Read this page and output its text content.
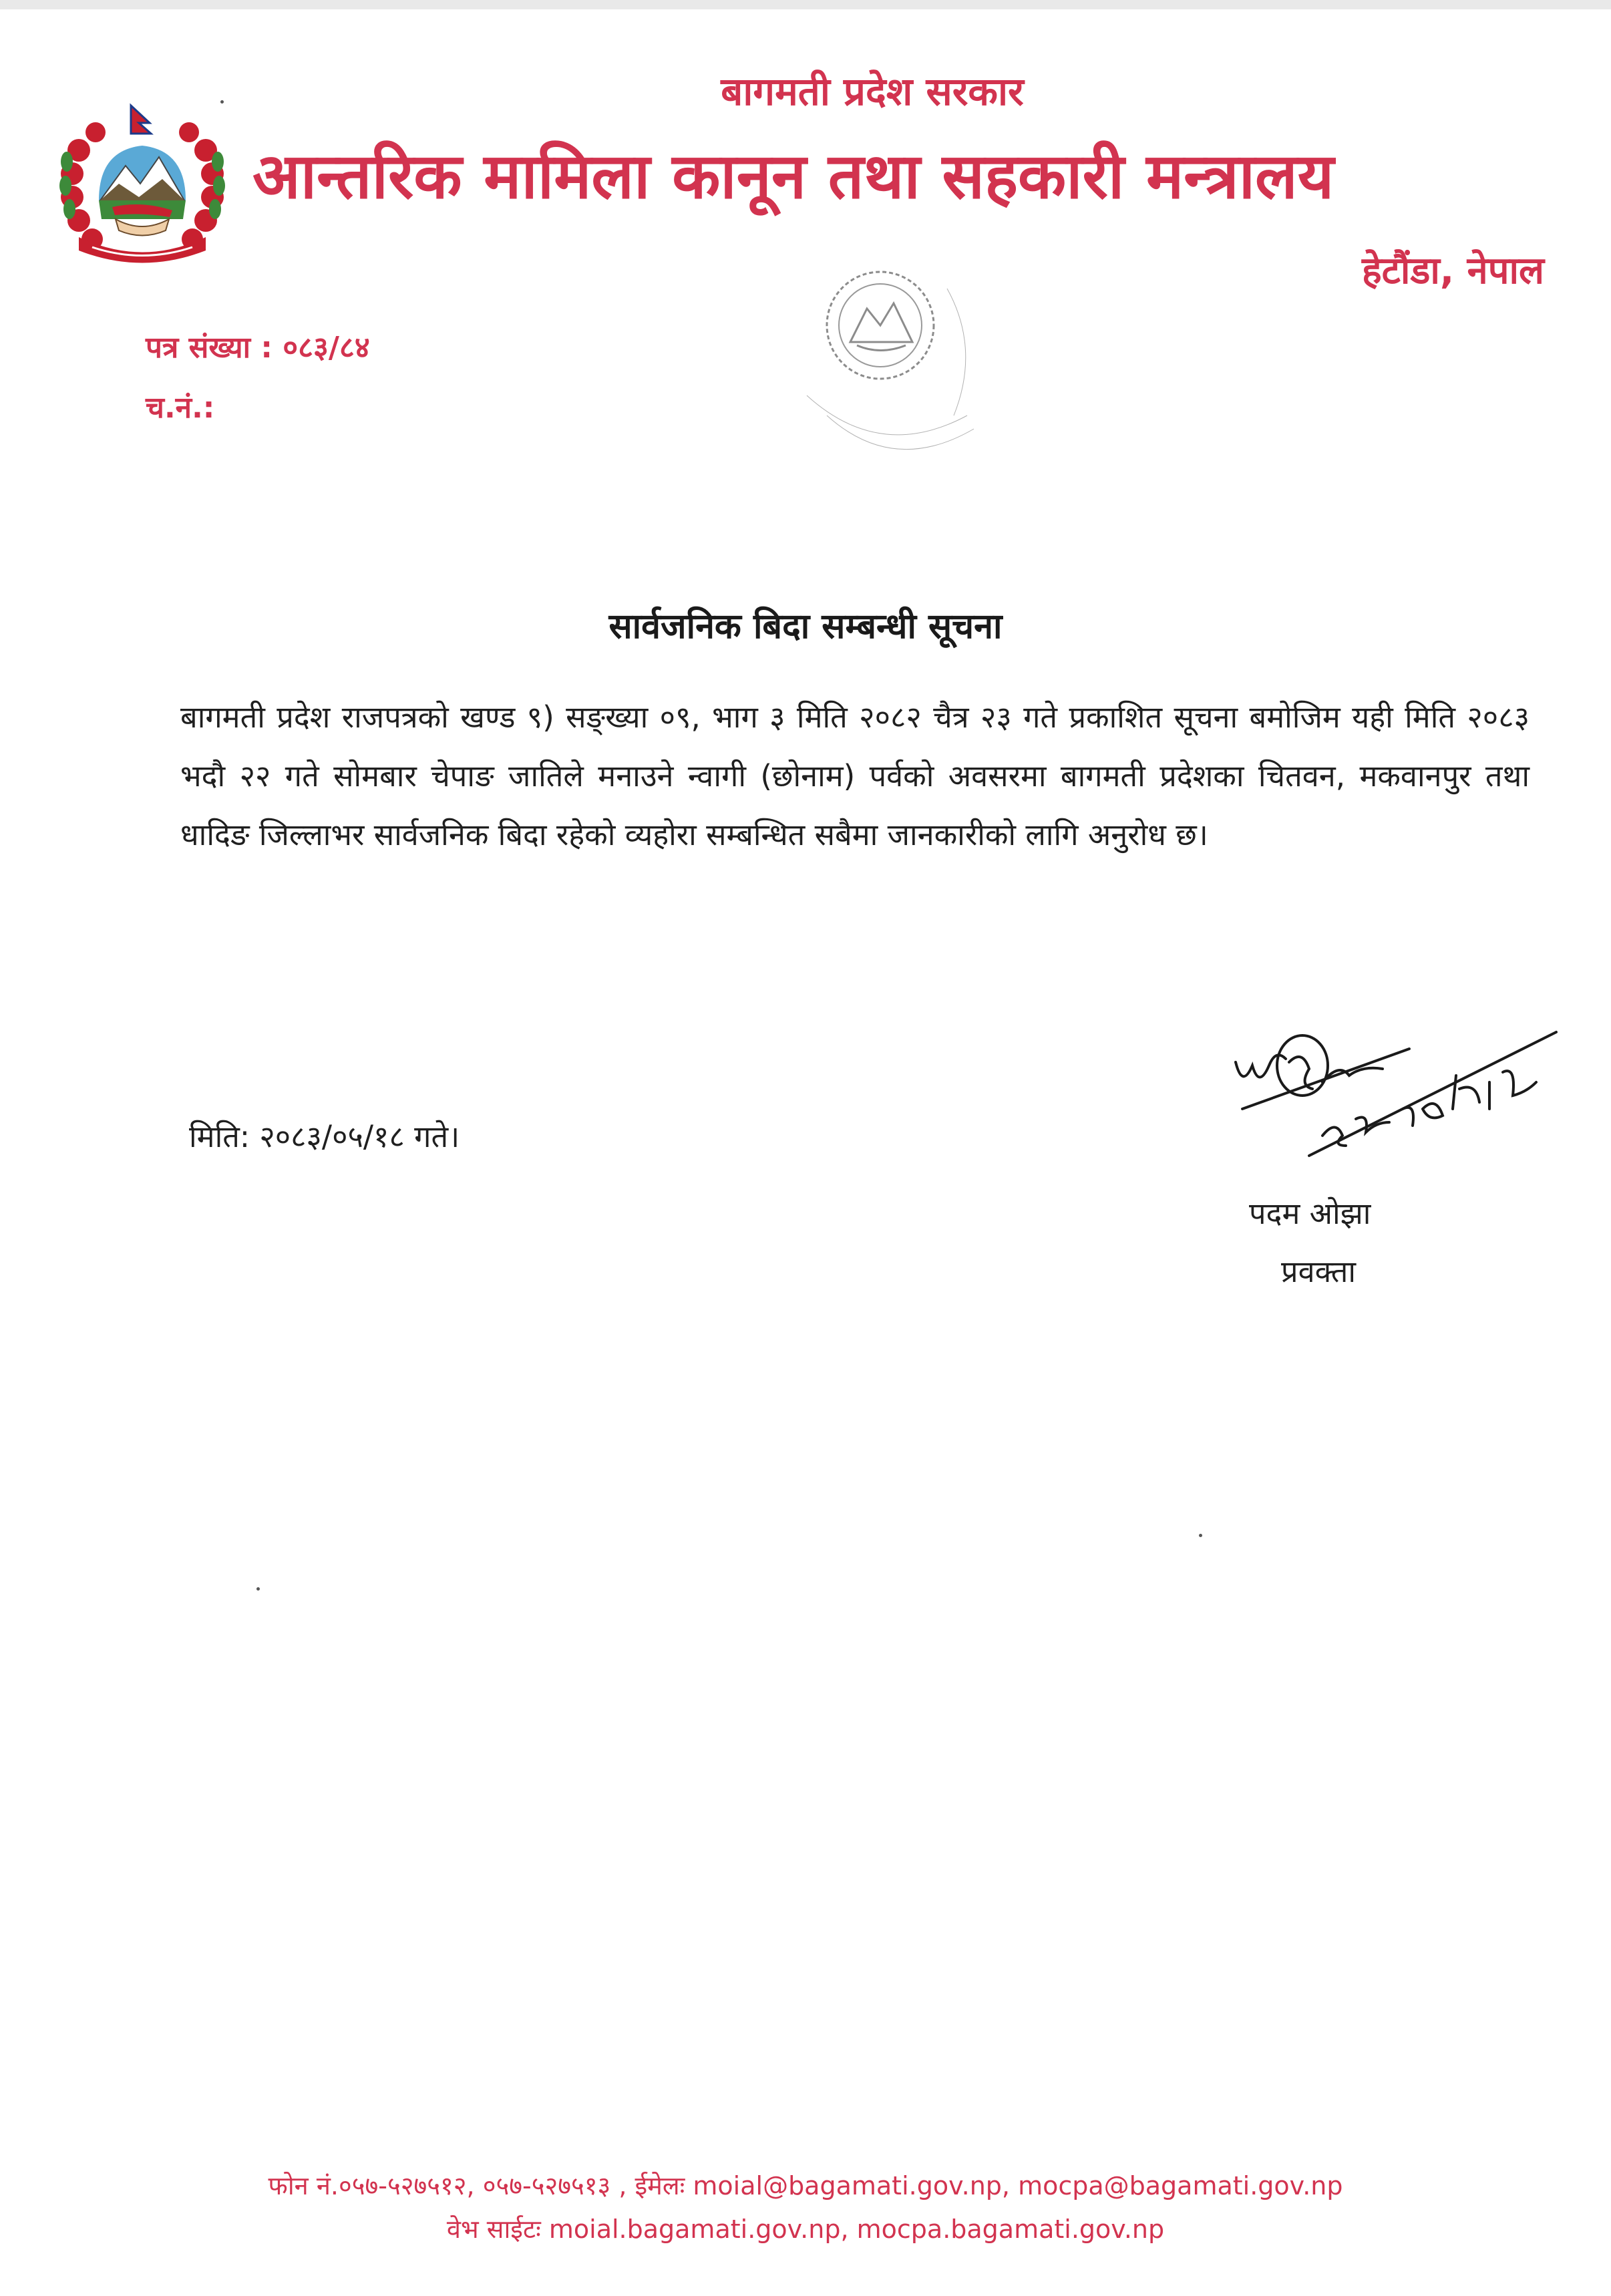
बागमती प्रदेश सरकार
आन्तरिक मामिला कानून तथा सहकारी मन्त्रालय
हेटौंडा, नेपाल
पत्र संख्या : ०८३/८४
च.नं.:
सार्वजनिक बिदा सम्बन्धी सूचना
बागमती प्रदेश राजपत्रको खण्ड ९) सङ्ख्या ०९, भाग ३ मिति २०८२ चैत्र २३ गते प्रकाशित सूचना बमोजिम यही मिति २०८३ भदौ २२ गते सोमबार चेपाङ जातिले मनाउने न्वागी (छोनाम) पर्वको अवसरमा बागमती प्रदेशका चितवन, मकवानपुर तथा धादिङ जिल्लाभर सार्वजनिक बिदा रहेको व्यहोरा सम्बन्धित सबैमा जानकारीको लागि अनुरोध छ।
मिति: २०८३/०५/१८ गते।
पदम ओझा
प्रवक्ता
फोन नं.०५७-५२७५१२, ०५७-५२७५१३ , ईमेलः moial@bagamati.gov.np, mocpa@bagamati.gov.np
वेभ साईटः moial.bagamati.gov.np, mocpa.bagamati.gov.np
